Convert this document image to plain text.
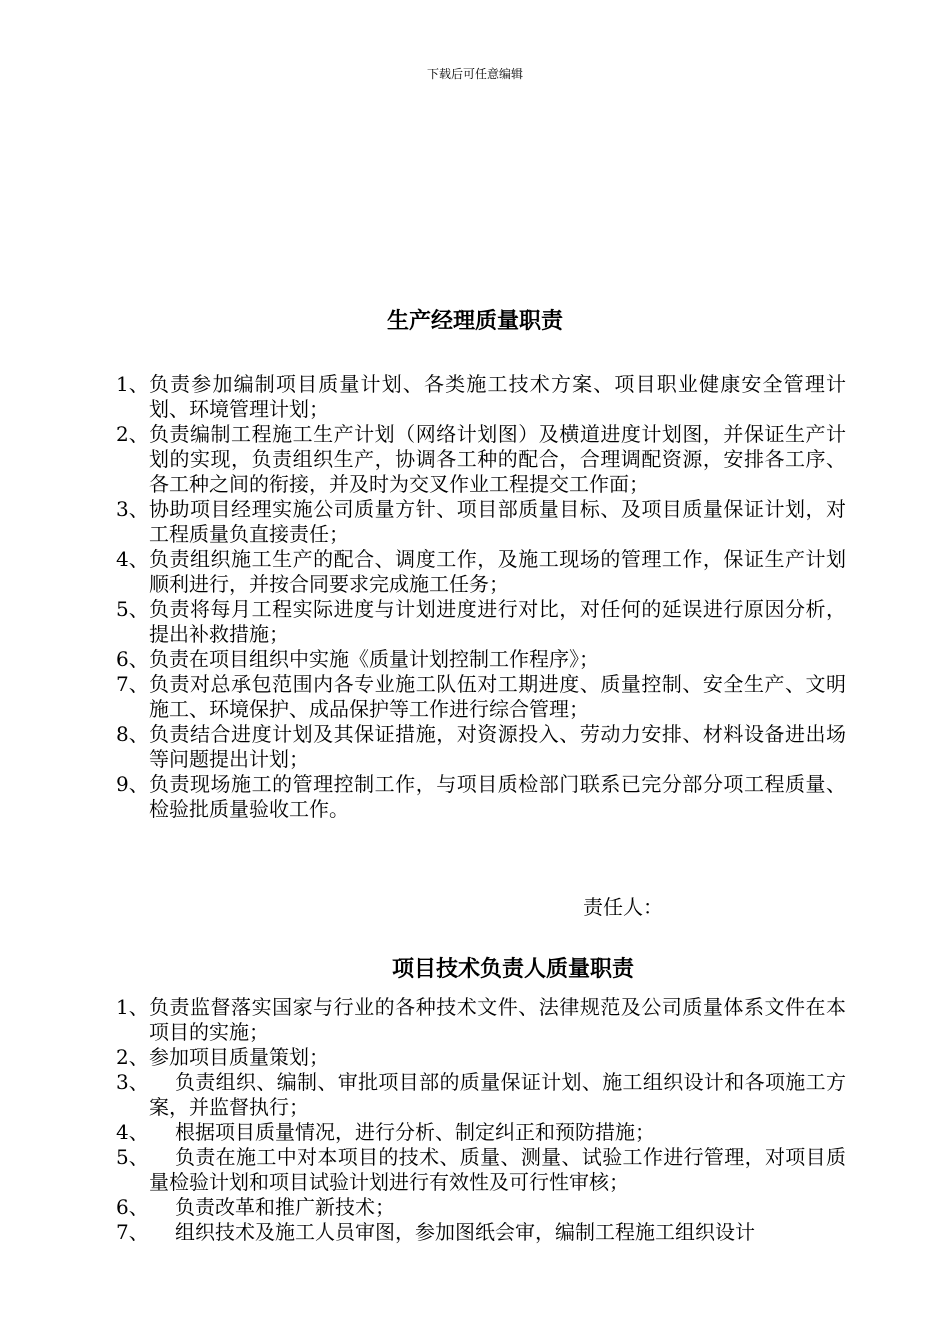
下载后可任意编辑
生产经理质量职责
1、 负责参加编制项目质量计划、各类施工技术方案、项目职业健康安全管理计划、环境管理计划；
2、 负责编制工程施工生产计划（网络计划图）及横道进度计划图，并保证生产计划的实现，负责组织生产，协调各工种的配合，合理调配资源，安排各工序、各工种之间的衔接，并及时为交叉作业工程提交工作面；
3、 协助项目经理实施公司质量方针、项目部质量目标、及项目质量保证计划，对工程质量负直接责任；
4、 负责组织施工生产的配合、调度工作，及施工现场的管理工作，保证生产计划顺利进行，并按合同要求完成施工任务；
5、 负责将每月工程实际进度与计划进度进行对比，对任何的延误进行原因分析，提出补救措施；
6、 负责在项目组织中实施《质量计划控制工作程序》；
7、 负责对总承包范围内各专业施工队伍对工期进度、质量控制、安全生产、文明施工、环境保护、成品保护等工作进行综合管理；
8、 负责结合进度计划及其保证措施，对资源投入、劳动力安排、材料设备进出场等问题提出计划；
9、 负责现场施工的管理控制工作，与项目质检部门联系已完分部分项工程质量、检验批质量验收工作。
责任人：
项目技术负责人质量职责
1、 负责监督落实国家与行业的各种技术文件、法律规范及公司质量体系文件在本项目的实施；
2、 参加项目质量策划；
3、	负责组织、编制、审批项目部的质量保证计划、施工组织设计和各项施工方案，并监督执行；
4、	根据项目质量情况，进行分析、制定纠正和预防措施；
5、	负责在施工中对本项目的技术、质量、测量、试验工作进行管理，对项目质量检验计划和项目试验计划进行有效性及可行性审核；
6、	负责改革和推广新技术；
7、	组织技术及施工人员审图，参加图纸会审，编制工程施工组织设计
